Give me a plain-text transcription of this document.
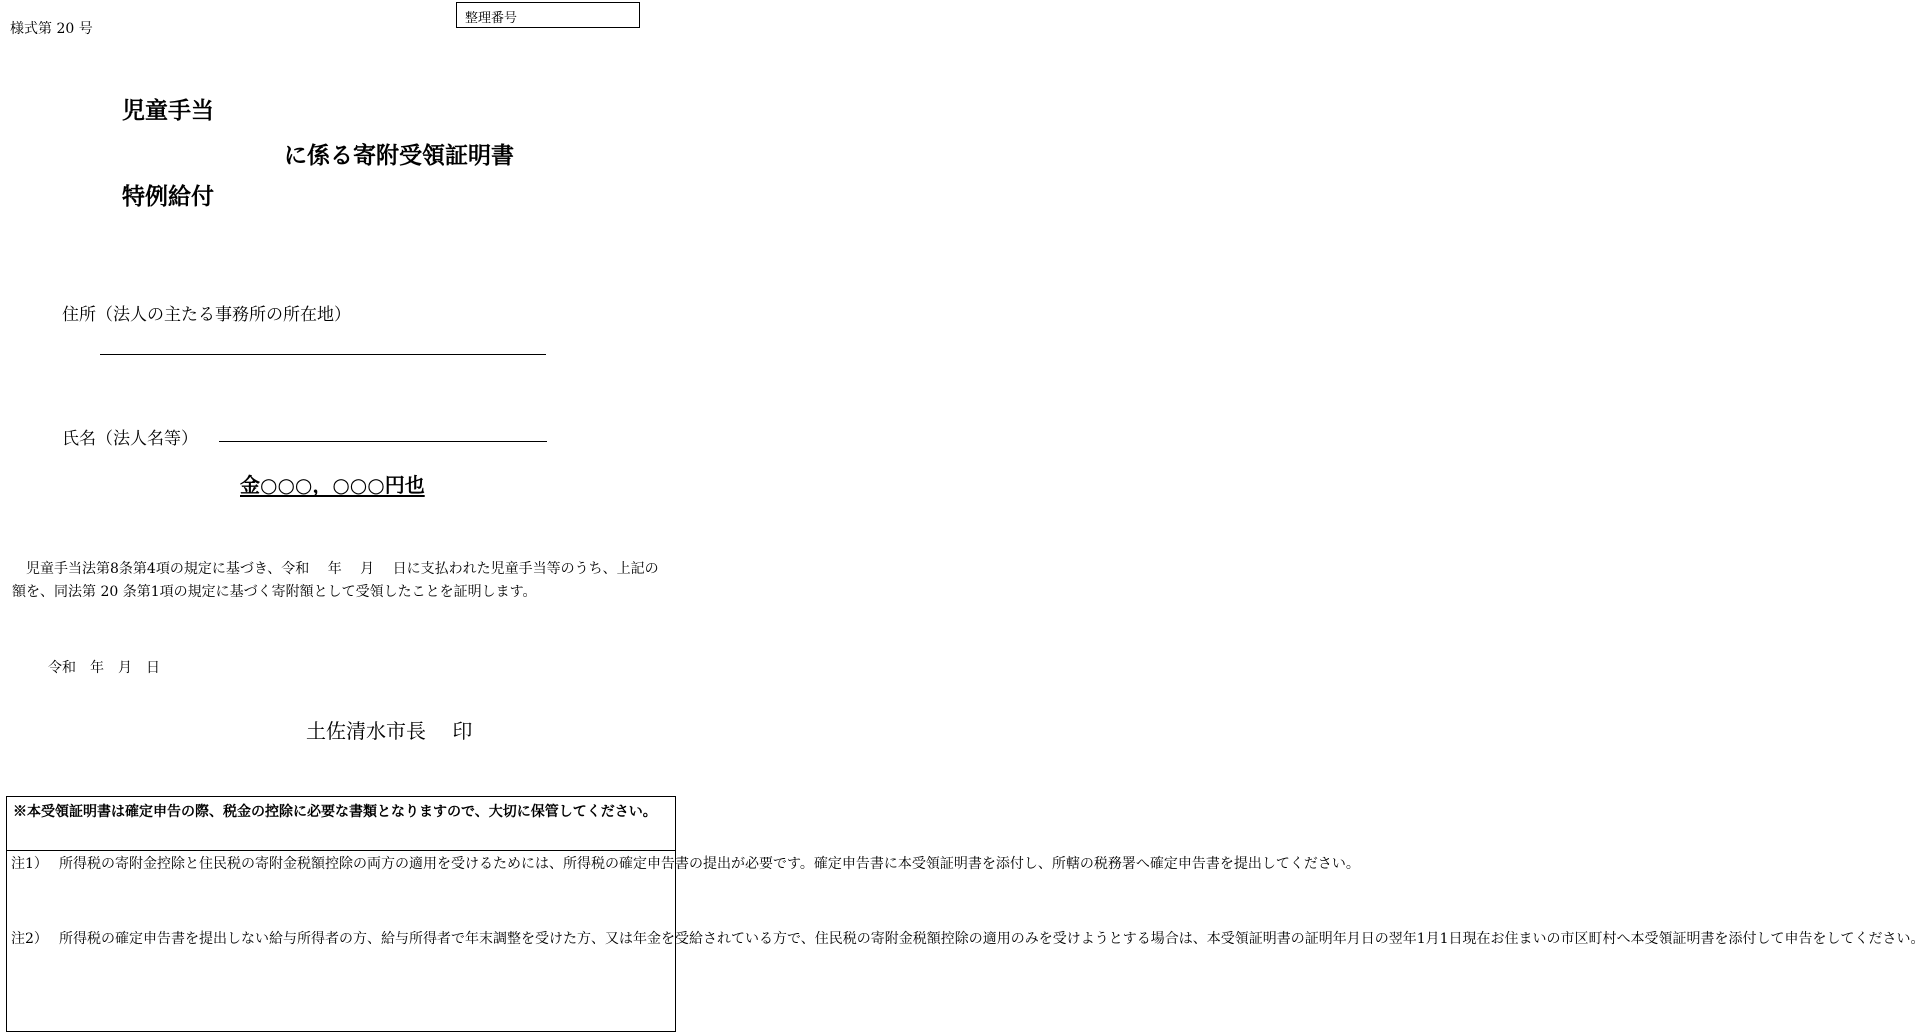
様式第 20 号
整理番号
児童手当
に係る寄附受領証明書
特例給付
住所（法人の主たる事務所の所在地）
氏名（法人名等）
金○○○，○○○円也
児童手当法第8条第4項の規定に基づき、令和　 年　 月　 日に支払われた児童手当等のうち、上記の額を、同法第 20 条第1項の規定に基づく寄附額として受領したことを証明します。
令和　年　月　日
土佐清水市長　 印
※本受領証明書は確定申告の際、税金の控除に必要な書類となりますので、大切に保管してください。
注1） 所得税の寄附金控除と住民税の寄附金税額控除の両方の適用を受けるためには、所得税の確定申告書の提出が必要です。確定申告書に本受領証明書を添付し、所轄の税務署へ確定申告書を提出してください。
注2） 所得税の確定申告書を提出しない給与所得者の方、給与所得者で年末調整を受けた方、又は年金を受給されている方で、住民税の寄附金税額控除の適用のみを受けようとする場合は、本受領証明書の証明年月日の翌年1月1日現在お住まいの市区町村へ本受領証明書を添付して申告をしてください。
